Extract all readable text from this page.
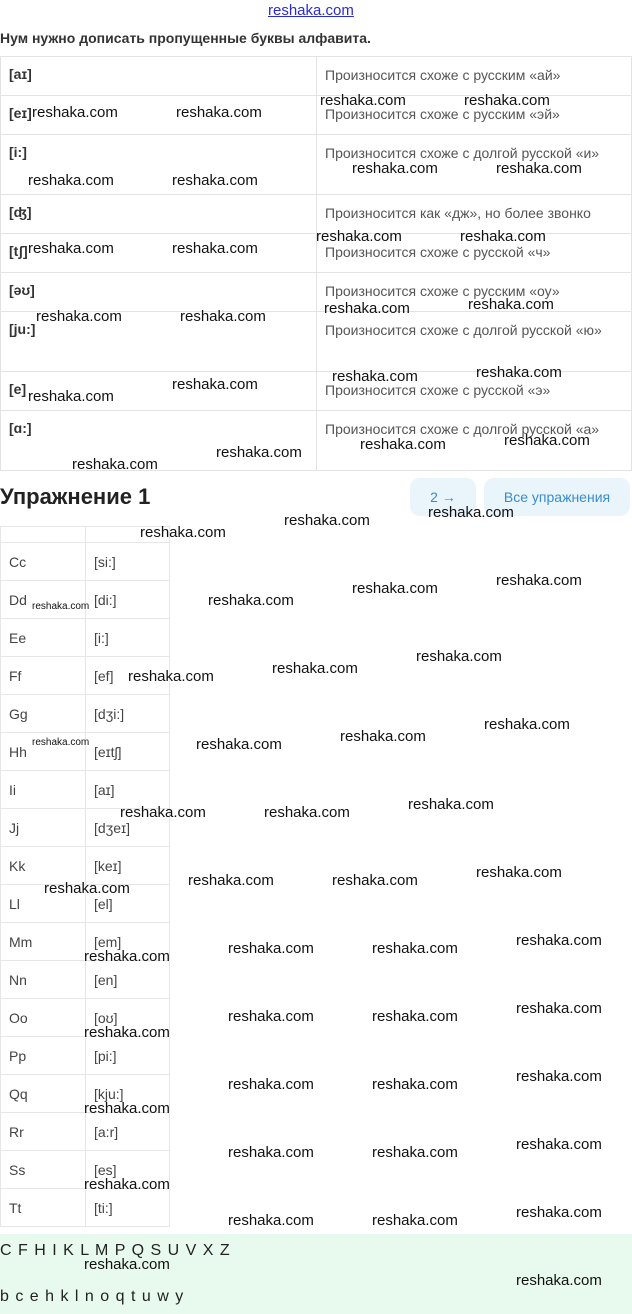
reshaka.com
Нум нужно дописать пропущенные буквы алфавита.
[aɪ]	Произносится схоже с русским «ай»
[eɪ]	Произносится схоже с русским «эй»
[i:]	Произносится схоже с долгой русской «и»
[ʤ]	Произносится как «дж», но более звонко
[tʃ]	Произносится схоже с русской «ч»
[əʊ]	Произносится схоже с русским «оу»
[ju:]	Произносится схоже с долгой русской «ю»
[e]	Произносится схоже с русской «э»
[ɑ:]	Произносится схоже с долгой русской «а»
Упражнение 1	2 →	Все упражнения

Cc	[si:]
Dd	[di:]
Ee	[i:]
Ff	[ef]
Gg	[dʒi:]
Hh	[eɪtʃ]
Ii	[aɪ]
Jj	[dʒeɪ]
Kk	[keɪ]
Ll	[el]
Mm	[em]
Nn	[en]
Oo	[oʊ]
Pp	[pi:]
Qq	[kju:]
Rr	[a:r]
Ss	[es]
Tt	[ti:]
C F H I K L M P Q S U V X Z
b c e h k l n o q t u w y
reshaka.com	reshaka.com
reshaka.com	reshaka.com
reshaka.com	reshaka.com
reshaka.com	reshaka.com
reshaka.com	reshaka.com
reshaka.com	reshaka.com
reshaka.com	reshaka.com
reshaka.com	reshaka.com
reshaka.com	reshaka.com
reshaka.com
reshaka.com
reshaka.com	reshaka.com
reshaka.com
reshaka.com
reshaka.com
reshaka.com
reshaka.com
reshaka.com
reshaka.com
reshaka.com
reshaka.com
reshaka.com
reshaka.com
reshaka.com
reshaka.com
reshaka.com
reshaka.com
reshaka.com
reshaka.com
reshaka.com
reshaka.com
reshaka.com
reshaka.com	reshaka.com
reshaka.com
reshaka.com
reshaka.com	reshaka.com
reshaka.com
reshaka.com
reshaka.com	reshaka.com
reshaka.com
reshaka.com
reshaka.com	reshaka.com
reshaka.com
reshaka.com
reshaka.com	reshaka.com
reshaka.com
reshaka.com
reshaka.com	reshaka.com
reshaka.com
reshaka.com
